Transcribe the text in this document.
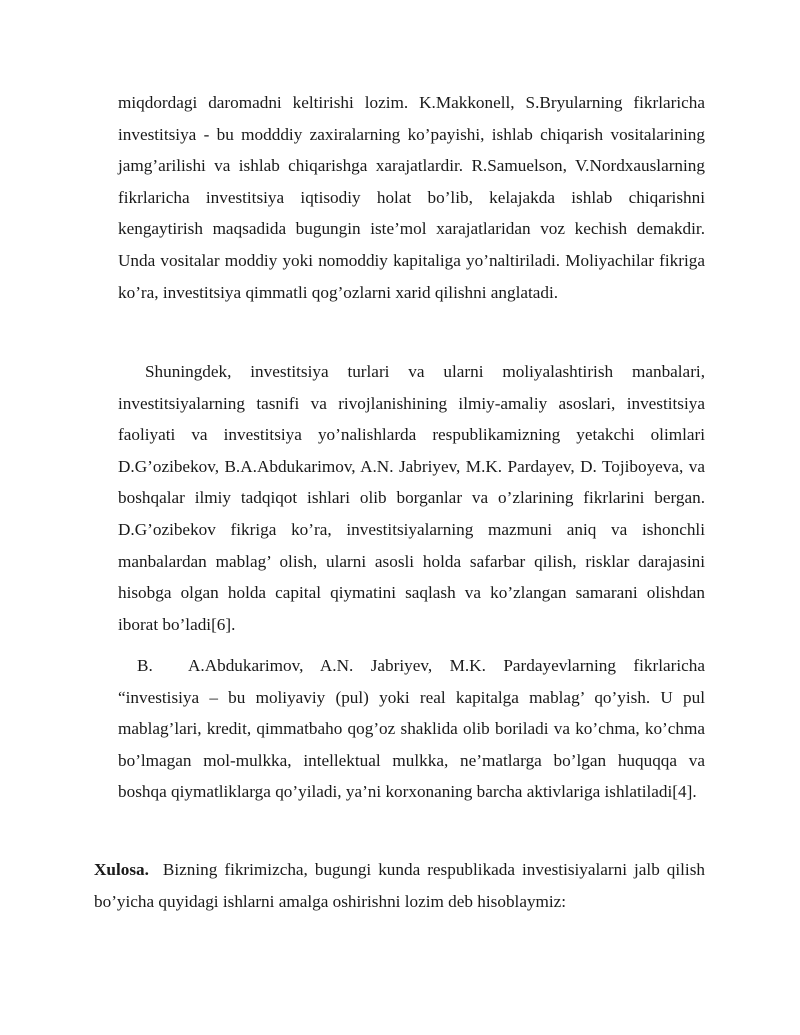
miqdordagi daromadni keltirishi lozim. K.Makkonell, S.Bryularning fikrlaricha investitsiya - bu modddiy zaxiralarning ko’payishi, ishlab chiqarish vositalarining jamg’arilishi va ishlab chiqarishga xarajatlardir. R.Samuelson, V.Nordxauslarning fikrlaricha investitsiya iqtisodiy holat bo’lib, kelajakda ishlab chiqarishni kengaytirish maqsadida bugungin iste’mol xarajatlaridan voz kechish demakdir. Unda vositalar moddiy yoki nomoddiy kapitaliga yo’naltiriladi. Moliyachilar fikriga ko’ra, investitsiya qimmatli qog’ozlarni xarid qilishni anglatadi.

Shuningdek, investitsiya turlari va ularni moliyalashtirish manbalari, investitsiyalarning tasnifi va rivojlanishining ilmiy-amaliy asoslari, investitsiya faoliyati va investitsiya yo’nalishlarda respublikamizning yetakchi olimlari D.G’ozibekov, B.A.Abdukarimov, A.N. Jabriyev, M.K. Pardayev, D. Tojiboyeva, va boshqalar ilmiy tadqiqot ishlari olib borganlar va o’zlarining fikrlarini bergan. D.G’ozibekov fikriga ko’ra, investitsiyalarning mazmuni aniq va ishonchli manbalardan mablag’ olish, ularni asosli holda safarbar qilish, risklar darajasini hisobga olgan holda capital qiymatini saqlash va ko’zlangan samarani olishdan iborat bo’ladi[6].

B. A.Abdukarimov, A.N. Jabriyev, M.K. Pardayevlarning fikrlaricha “investisiya – bu moliyaviy (pul) yoki real kapitalga mablag’ qo’yish. U pul mablag’lari, kredit, qimmatbaho qog’oz shaklida olib boriladi va ko’chma, ko’chma bo’lmagan mol-mulkka, intellektual mulkka, ne’matlarga bo’lgan huquqqa va boshqa qiymatliklarga qo’yiladi, ya’ni korxonaning barcha aktivlariga ishlatiladi[4].

Xulosa. Bizning fikrimizcha, bugungi kunda respublikada investisiyalarni jalb qilish bo’yicha quyidagi ishlarni amalga oshirishni lozim deb hisoblaymiz:
